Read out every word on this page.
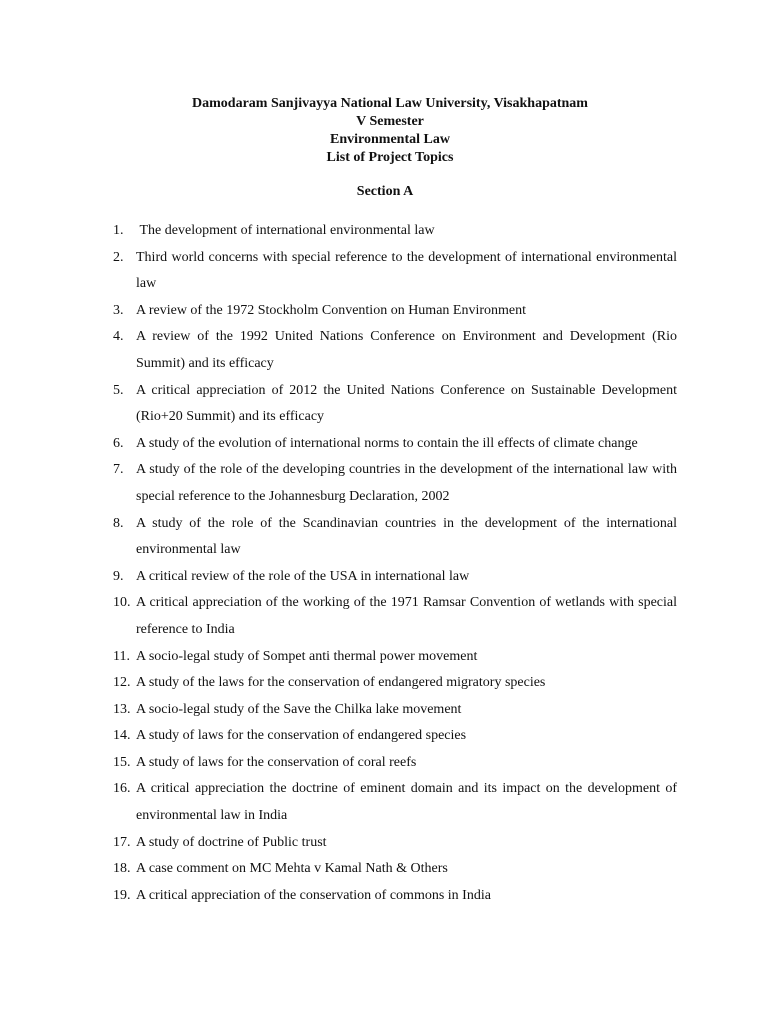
Damodaram Sanjivayya National Law University, Visakhapatnam
V Semester
Environmental Law
List of Project Topics
Section A
1. The development of international environmental law
2. Third world concerns with special reference to the development of international environmental law
3. A review of the 1972 Stockholm Convention on Human Environment
4. A review of the 1992 United Nations Conference on Environment and Development (Rio Summit) and its efficacy
5. A critical appreciation of 2012 the United Nations Conference on Sustainable Development (Rio+20 Summit) and its efficacy
6. A study of the evolution of international norms to contain the ill effects of climate change
7. A study of the role of the developing countries in the development of the international law with special reference to the Johannesburg Declaration, 2002
8. A study of the role of the Scandinavian countries in the development of the international environmental law
9. A critical review of the role of the USA in international law
10. A critical appreciation of the working of the 1971 Ramsar Convention of wetlands with special reference to India
11. A socio-legal study of Sompet anti thermal power movement
12. A study of the laws for the conservation of endangered migratory species
13. A socio-legal study of the Save the Chilka lake movement
14. A study of laws for the conservation of endangered species
15. A study of laws for the conservation of coral reefs
16. A critical appreciation the doctrine of eminent domain and its impact on the development of environmental law in India
17. A study of doctrine of Public trust
18. A case comment on MC Mehta v Kamal Nath & Others
19. A critical appreciation of the conservation of commons in India
